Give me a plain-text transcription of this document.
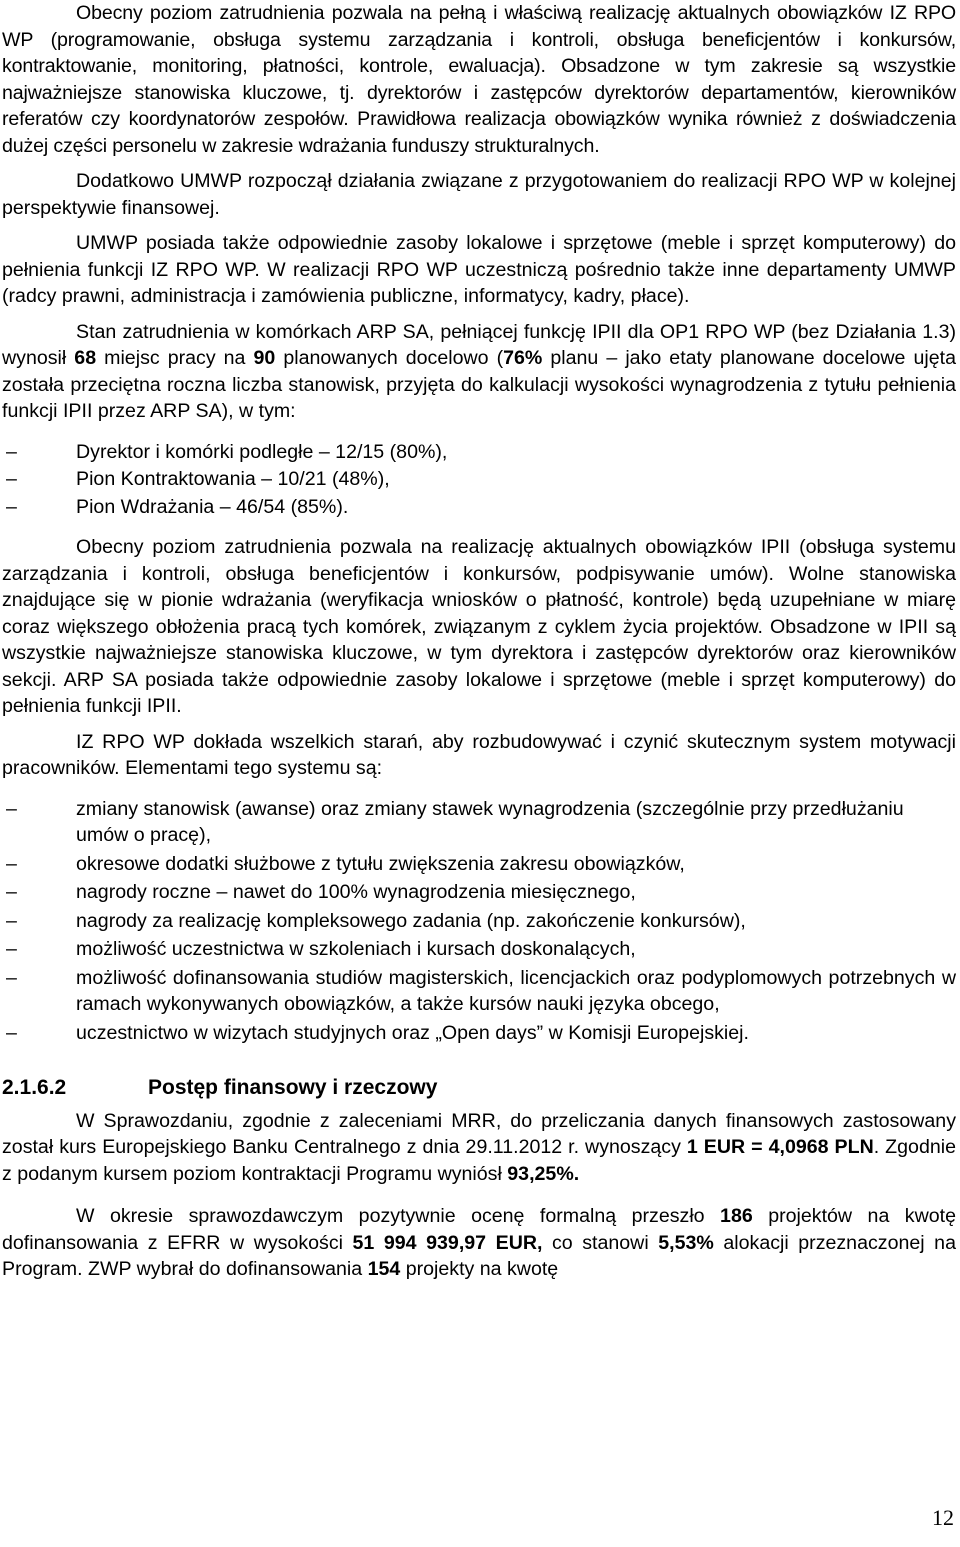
Obecny poziom zatrudnienia pozwala na pełną i właściwą realizację aktualnych obowiązków IZ RPO WP (programowanie, obsługa systemu zarządzania i kontroli, obsługa beneficjentów i konkursów, kontraktowanie, monitoring, płatności, kontrole, ewaluacja). Obsadzone w tym zakresie są wszystkie najważniejsze stanowiska kluczowe, tj. dyrektorów i zastępców dyrektorów departamentów, kierowników referatów czy koordynatorów zespołów. Prawidłowa realizacja obowiązków wynika również z doświadczenia dużej części personelu w zakresie wdrażania funduszy strukturalnych.

Dodatkowo UMWP rozpoczął działania związane z przygotowaniem do realizacji RPO WP w kolejnej perspektywie finansowej.

UMWP posiada także odpowiednie zasoby lokalowe i sprzętowe (meble i sprzęt komputerowy) do pełnienia funkcji IZ RPO WP. W realizacji RPO WP uczestniczą pośrednio także inne departamenty UMWP (radcy prawni, administracja i zamówienia publiczne, informatycy, kadry, płace).

Stan zatrudnienia w komórkach ARP SA, pełniącej funkcję IPII dla OP1 RPO WP (bez Działania 1.3) wynosił 68 miejsc pracy na 90 planowanych docelowo (76% planu – jako etaty planowane docelowe ujęta została przeciętna roczna liczba stanowisk, przyjęta do kalkulacji wysokości wynagrodzenia z tytułu pełnienia funkcji IPII przez ARP SA), w tym:

–	Dyrektor i komórki podległe – 12/15 (80%),
–	Pion Kontraktowania – 10/21 (48%),
–	Pion Wdrażania – 46/54 (85%).

Obecny poziom zatrudnienia pozwala na realizację aktualnych obowiązków IPII (obsługa systemu zarządzania i kontroli, obsługa beneficjentów i konkursów, podpisywanie umów). Wolne stanowiska znajdujące się w pionie wdrażania (weryfikacja wniosków o płatność, kontrole) będą uzupełniane w miarę coraz większego obłożenia pracą tych komórek, związanym z cyklem życia projektów. Obsadzone w IPII są wszystkie najważniejsze stanowiska kluczowe, w tym dyrektora i zastępców dyrektorów oraz kierowników sekcji. ARP SA posiada także odpowiednie zasoby lokalowe i sprzętowe (meble i sprzęt komputerowy) do pełnienia funkcji IPII.

IZ RPO WP dokłada wszelkich starań, aby rozbudowywać i czynić skutecznym system motywacji pracowników. Elementami tego systemu są:

–	zmiany stanowisk (awanse) oraz zmiany stawek wynagrodzenia (szczególnie przy przedłużaniu umów o pracę),
–	okresowe dodatki służbowe z tytułu zwiększenia zakresu obowiązków,
–	nagrody roczne – nawet do 100% wynagrodzenia miesięcznego,
–	nagrody za realizację kompleksowego zadania (np. zakończenie konkursów),
–	możliwość uczestnictwa w szkoleniach i kursach doskonalących,
–	możliwość dofinansowania studiów magisterskich, licencjackich oraz podyplomowych potrzebnych w ramach wykonywanych obowiązków, a także kursów nauki języka obcego,
–	uczestnictwo w wizytach studyjnych oraz „Open days” w Komisji Europejskiej.
2.1.6.2	Postęp finansowy i rzeczowy

W Sprawozdaniu, zgodnie z zaleceniami MRR, do przeliczania danych finansowych zastosowany został kurs Europejskiego Banku Centralnego z dnia 29.11.2012 r. wynoszący 1 EUR = 4,0968 PLN. Zgodnie z podanym kursem poziom kontraktacji Programu wyniósł 93,25%.

W okresie sprawozdawczym pozytywnie ocenę formalną przeszło 186 projektów na kwotę dofinansowania z EFRR w wysokości 51 994 939,97 EUR, co stanowi 5,53% alokacji przeznaczonej na Program. ZWP wybrał do dofinansowania 154 projekty na kwotę

12
